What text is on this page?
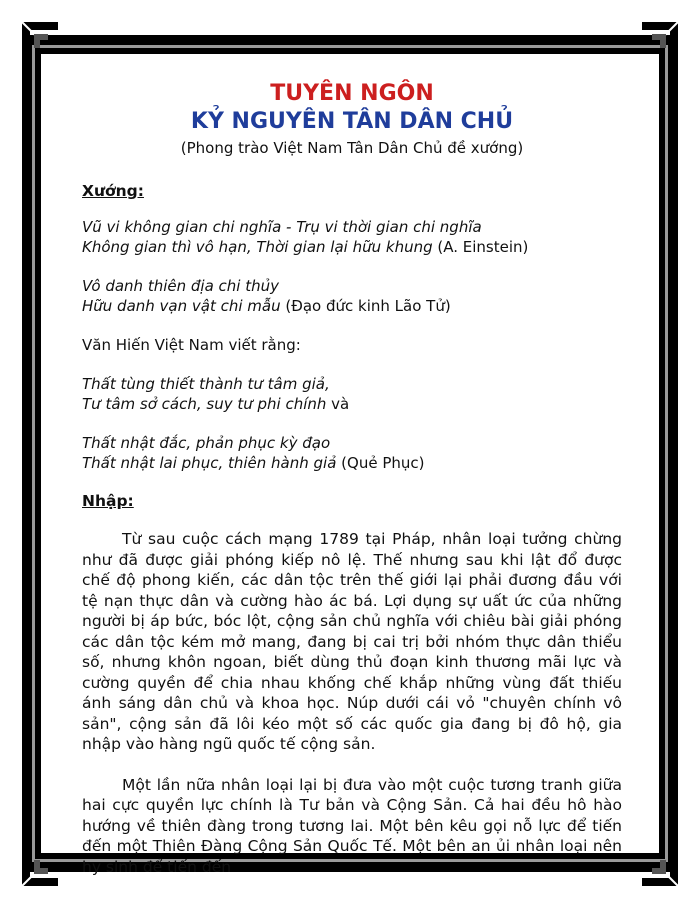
TUYÊN NGÔN
KỶ NGUYÊN TÂN DÂN CHỦ

(Phong trào Việt Nam Tân Dân Chủ đề xướng)

Xướng:

Vũ vi không gian chi nghĩa - Trụ vi thời gian chi nghĩa

Không gian thì vô hạn, Thời gian lại hữu khung (A. Einstein)

Vô danh thiên địa chi thủy

Hữu danh vạn vật chi mẫu (Đạo đức kinh Lão Tử)

Văn Hiến Việt Nam viết rằng:

Thất tùng thiết thành tư tâm giả,

Tư tâm sở cách, suy tư phi chính và

Thất nhật đắc, phản phục kỳ đạo

Thất nhật lai phục, thiên hành giả (Quẻ Phục)

Nhập:

Từ sau cuộc cách mạng 1789 tại Pháp, nhân loại tưởng chừng như đã được giải phóng kiếp nô lệ. Thế nhưng sau khi lật đổ được chế độ phong kiến, các dân tộc trên thế giới lại phải đương đầu với tệ nạn thực dân và cường hào ác bá. Lợi dụng sự uất ức của những người bị áp bức, bóc lột, cộng sản chủ nghĩa với chiêu bài giải phóng các dân tộc kém mở mang, đang bị cai trị bởi nhóm thực dân thiểu số, nhưng khôn ngoan, biết dùng thủ đoạn kinh thương mãi lực và cường quyền để chia nhau khống chế khắp những vùng đất thiếu ánh sáng dân chủ và khoa học. Núp dưới cái vỏ "chuyên chính vô sản", cộng sản đã lôi kéo một số các quốc gia đang bị đô hộ, gia nhập vào hàng ngũ quốc tế cộng sản.

Một lần nữa nhân loại lại bị đưa vào một cuộc tương tranh giữa hai cực quyền lực chính là Tư bản và Cộng Sản. Cả hai đều hô hào hướng về thiên đàng trong tương lai. Một bên kêu gọi nỗ lực để tiến đến một Thiên Đàng Cộng Sản Quốc Tế. Một bên an ủi nhân loại nên hy sinh để tiến đến
